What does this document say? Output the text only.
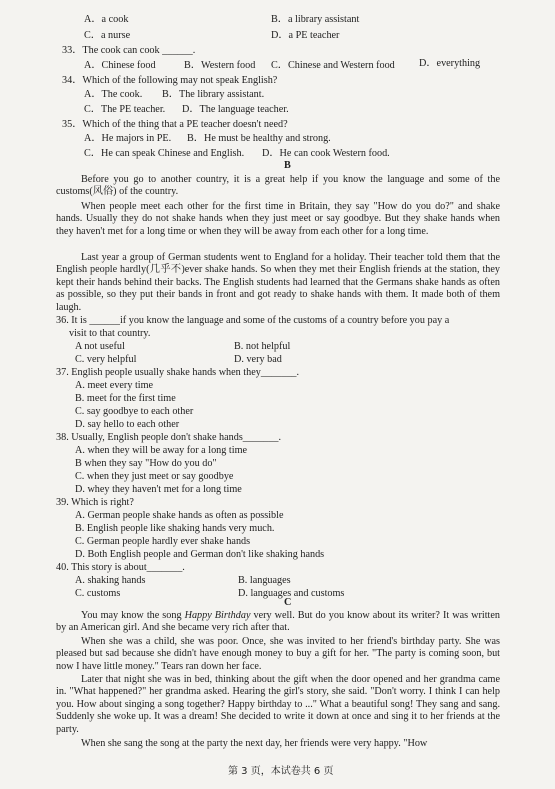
A．a cook	B．a library assistant
C．a nurse	D．a PE teacher
33．The cook can cook ______.
A．Chinese food	B．Western food C．Chinese and Western food D．everything
34．Which of the following may not speak English?
A．The cook. B．The library assistant.
C．The PE teacher. D．The language teacher.
35．Which of the thing that a PE teacher doesn't need?
A．He majors in PE. B．He must be healthy and strong.
C．He can speak Chinese and English. D．He can cook Western food.
B
Before you go to another country, it is a great help if you know the language and some of the customs(风俗) of the country.
When people meet each other for the first time in Britain, they say "How do you do?" and shake hands. Usually they do not shake hands when they just meet or say goodbye. But they shake hands when they haven't met for a long time or when they will be away from each other for a long time.
Last year a group of German students went to England for a holiday. Their teacher told them that the English people hardly(几乎不)ever shake hands. So when they met their English friends at the station, they kept their hands behind their backs. The English students had learned that the Germans shake hands as often as possible, so they put their bands in front and got ready to shake hands with them. It made both of them laugh.
36. It is ______if you know the language and some of the customs of a country before you pay a
visit to that country.
A not useful	B. not helpful
C. very helpful	D. very bad
37. English people usually shake hands when they_______.
A. meet every time
B. meet for the first time
C. say goodbye to each other
D. say hello to each other
38. Usually, English people don't shake hands_______.
A. when they will be away for a long time
B when they say "How do you do"
C. when they just meet or say goodbye
D. whey they haven't met for a long time
39. Which is right?
A. German people shake hands as often as possible
B. English people like shaking hands very much.
C. German people hardly ever shake hands
D. Both English people and German don't like shaking hands
40. This story is about_______.
A. shaking hands	B. languages
C. customs	D. languages and customs
C
You may know the song Happy Birthday very well. But do you know about its writer? It was written by an American girl. And she became very rich after that.
When she was a child, she was poor. Once, she was invited to her friend's birthday party. She was pleased but sad because she didn't have enough money to buy a gift for her. "The party is coming soon, but now I have little money." Tears ran down her face.
Later that night she was in bed, thinking about the gift when the door opened and her grandma came in. "What happened?" her grandma asked. Hearing the girl's story, she said. "Don't worry. I think I can help you. How about singing a song together? Happy birthday to ..." What a beautiful song! They sang and sang. Suddenly she woke up. It was a dream! She decided to write it down at once and sing it to her friends at the party.
When she sang the song at the party the next day, her friends were very happy. "How
第 3 页，本试卷共 6 页
